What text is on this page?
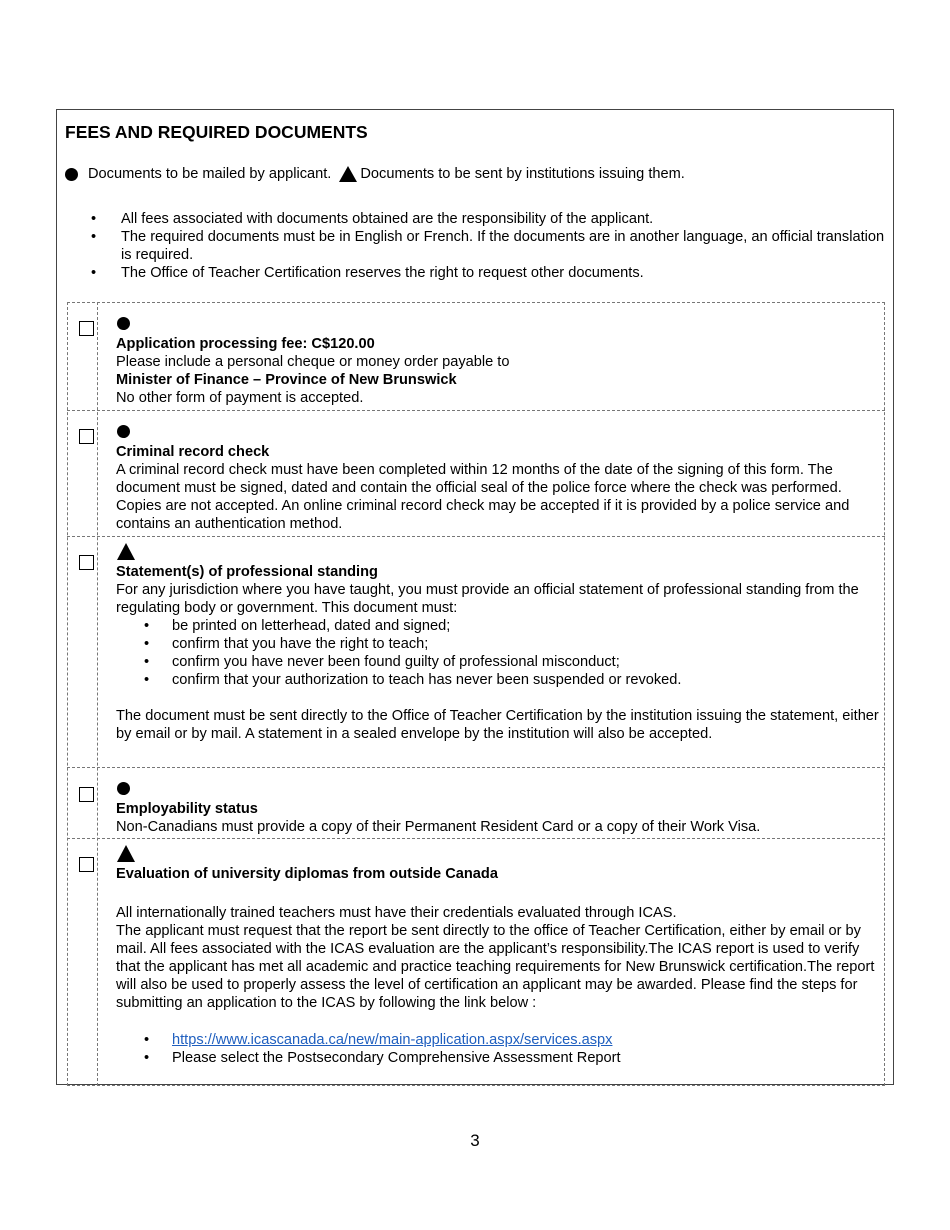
FEES AND REQUIRED DOCUMENTS
Documents to be mailed by applicant. Documents to be sent by institutions issuing them.
• All fees associated with documents obtained are the responsibility of the applicant.
• The required documents must be in English or French. If the documents are in another language, an official translation is required.
• The Office of Teacher Certification reserves the right to request other documents.
Application processing fee: C$120.00

Please include a personal cheque or money order payable to Minister of Finance – Province of New Brunswick

No other form of payment is accepted.

Criminal record check

A criminal record check must have been completed within 12 months of the date of the signing of this form. The document must be signed, dated and contain the official seal of the police force where the check was performed. Copies are not accepted. An online criminal record check may be accepted if it is provided by a police service and contains an authentication method.

Statement(s) of professional standing

For any jurisdiction where you have taught, you must provide an official statement of professional standing from the regulating body or government. This document must:

• be printed on letterhead, dated and signed;
• confirm that you have the right to teach;
• confirm you have never been found guilty of professional misconduct;
• confirm that your authorization to teach has never been suspended or revoked.

The document must be sent directly to the Office of Teacher Certification by the institution issuing the statement, either by email or by mail. A statement in a sealed envelope by the institution will also be accepted.

Employability status

Non-Canadians must provide a copy of their Permanent Resident Card or a copy of their Work Visa.

Evaluation of university diplomas from outside Canada

All internationally trained teachers must have their credentials evaluated through ICAS.

The applicant must request that the report be sent directly to the office of Teacher Certification, either by email or by mail. All fees associated with the ICAS evaluation are the applicant’s responsibility.The ICAS report is used to verify that the applicant has met all academic and practice teaching requirements for New Brunswick certification.The report will also be used to properly assess the level of certification an applicant may be awarded. Please find the steps for submitting an application to the ICAS by following the link below :

• https://www.icascanada.ca/new/main-application.aspx/services.aspx
• Please select the Postsecondary Comprehensive Assessment Report
3
